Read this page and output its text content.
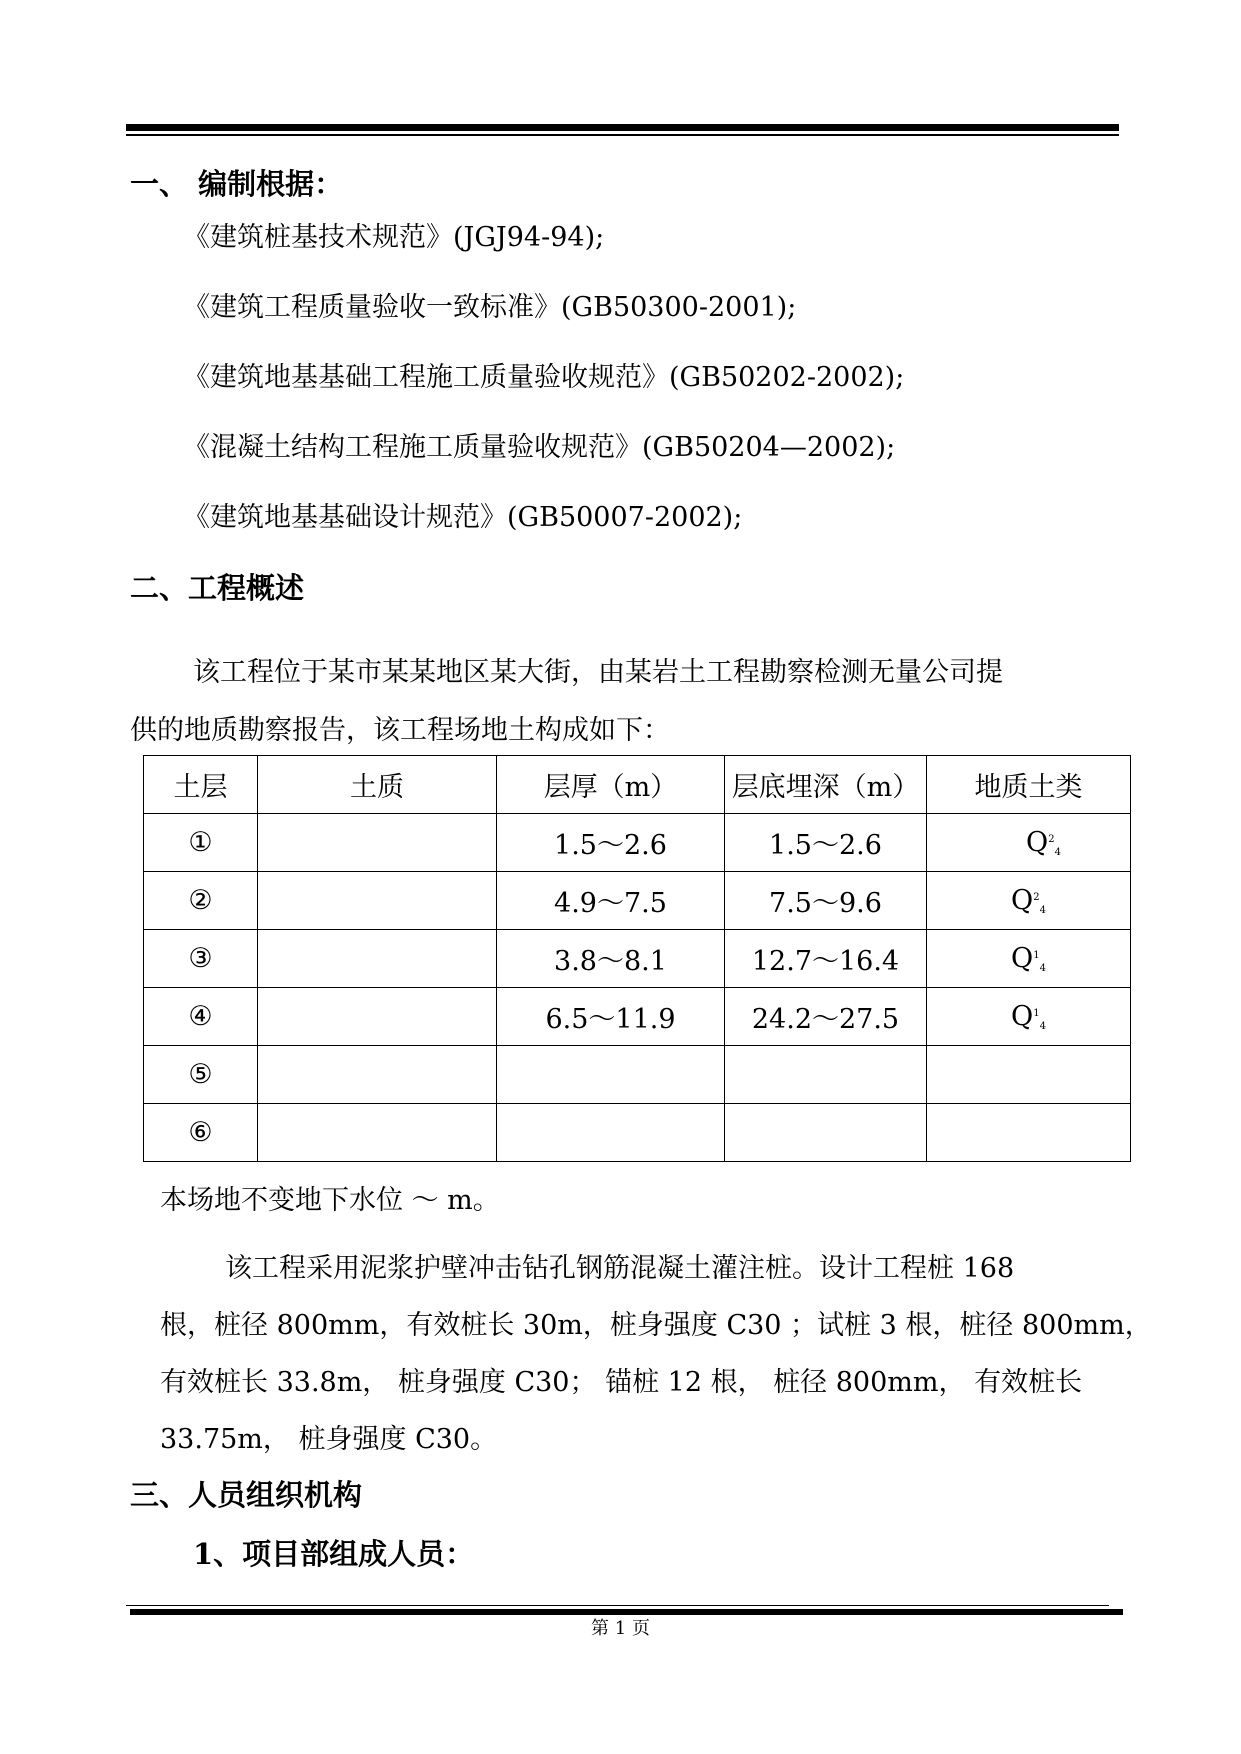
一、 编制根据：
《建筑桩基技术规范》(JGJ94-94);
《建筑工程质量验收一致标准》(GB50300-2001);
《建筑地基基础工程施工质量验收规范》(GB50202-2002);
《混凝土结构工程施工质量验收规范》(GB50204—2002);
《建筑地基基础设计规范》(GB50007-2002);
二、工程概述
该工程位于某市某某地区某大街，由某岩土工程勘察检测无量公司提
供的地质勘察报告，该工程场地土构成如下：
土层	土质	层厚（m）	层底埋深（m）	地质土类
①		1.5～2.6	1.5～2.6	$Q^2_4$
②		4.9～7.5	7.5～9.6	$Q^2_4$
③		3.8～8.1	12.7～16.4	$Q^1_4$
④		6.5～11.9	24.2～27.5	$Q^1_4$
⑤				
⑥				
本场地不变地下水位 ～ m。
该工程采用泥浆护壁冲击钻孔钢筋混凝土灌注桩。设计工程桩 168
根，桩径 800mm，有效桩长 30m，桩身强度 C30 ；试桩 3 根，桩径 800mm，
有效桩长 33.8m， 桩身强度 C30； 锚桩 12 根， 桩径 800mm， 有效桩长
33.75m， 桩身强度 C30。
三、人员组织机构
1、项目部组成人员：
第 1 页
